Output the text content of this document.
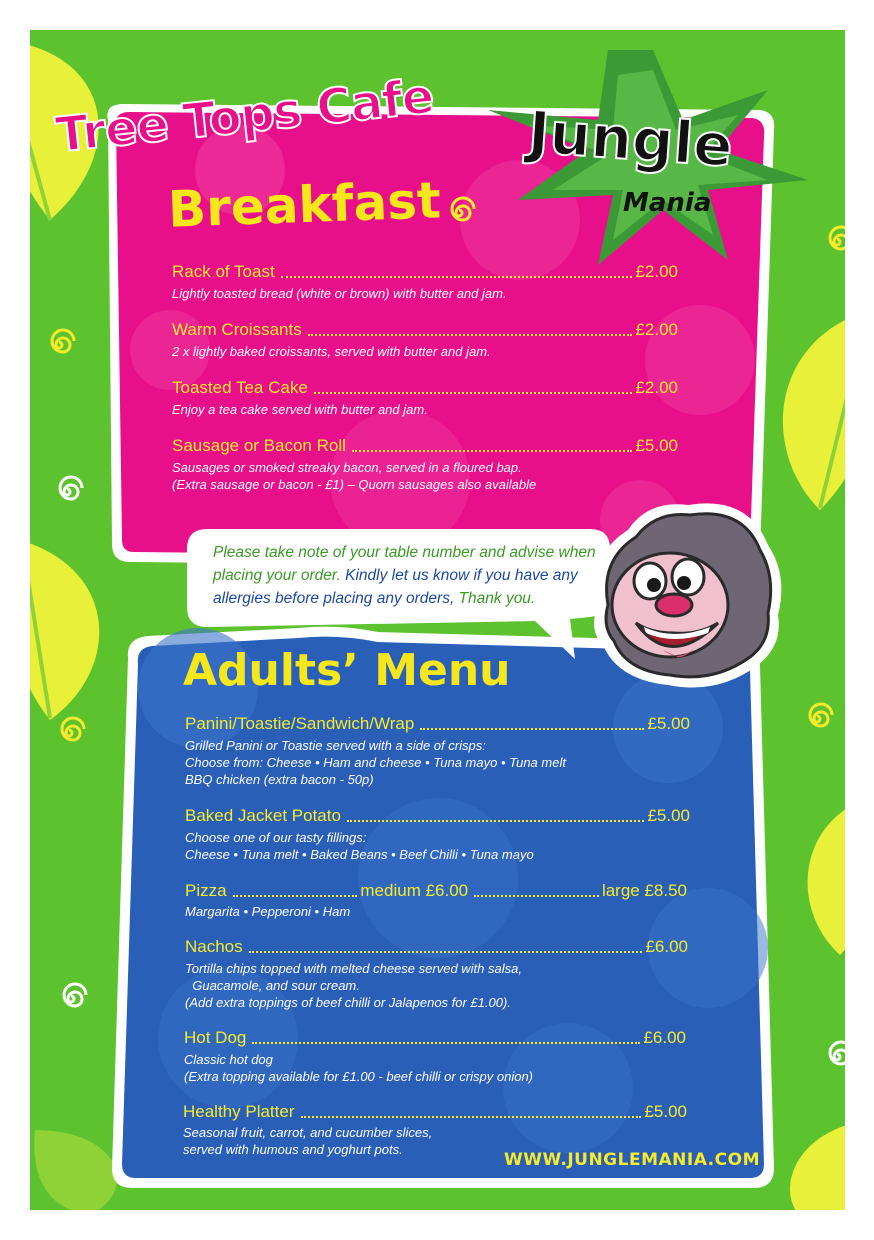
Tree Tops Cafe Jungle
Mania
Breakfast
Rack of Toast	£2.00
Lightly toasted bread (white or brown) with butter and jam.
Warm Croissants	£2.00
2 x lightly baked croissants, served with butter and jam.
Toasted Tea Cake	£2.00
Enjoy a tea cake served with butter and jam.
Sausage or Bacon Roll	£5.00
Sausages or smoked streaky bacon, served in a floured bap.
(Extra sausage or bacon - £1) – Quorn sausages also available
Please take note of your table number and advise when
placing your order. Kindly let us know if you have any
allergies before placing any orders, Thank you.
Adults’ Menu
Panini/Toastie/Sandwich/Wrap	£5.00
Grilled Panini or Toastie served with a side of crisps:
Choose from: Cheese • Ham and cheese • Tuna mayo • Tuna melt
BBQ chicken (extra bacon - 50p)
Baked Jacket Potato	£5.00
Choose one of our tasty fillings:
Cheese • Tuna melt • Baked Beans • Beef Chilli • Tuna mayo
Pizza	medium £6.00	large £8.50
Margarita • Pepperoni • Ham
Nachos	£6.00
Tortilla chips topped with melted cheese served with salsa,
Guacamole, and sour cream.
(Add extra toppings of beef chilli or Jalapenos for £1.00).
Hot Dog	£6.00
Classic hot dog
(Extra topping available for £1.00 - beef chilli or crispy onion)
Healthy Platter	£5.00
Seasonal fruit, carrot, and cucumber slices,
served with humous and yoghurt pots.
WWW.JUNGLEMANIA.COM
